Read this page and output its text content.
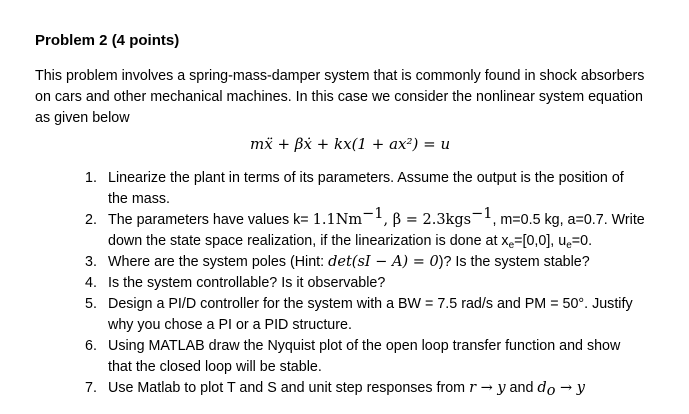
Problem 2 (4 points)
This problem involves a spring-mass-damper system that is commonly found in shock absorbers
on cars and other mechanical machines. In this case we consider the nonlinear system equation
as given below
mẍ + βẋ + kx(1 + ax²) = u
1. Linearize the plant in terms of its parameters. Assume the output is the position of
the mass.
2. The parameters have values $k= 1.1Nm^{-1}$, β = 2.3kgs$^{-1}$, m=0.5 kg, a=0.7. Write
down the state space realization, if the linearization is done at $x_e=[0,0]$, $u_e=0$.
3. Where are the system poles (Hint: det(sI − A) = 0)? Is the system stable?
4. Is the system controllable? Is it observable?
5. Design a PI/D controller for the system with a BW = 7.5 rad/s and PM = 50°. Justify
why you chose a PI or a PID structure.
6. Using MATLAB draw the Nyquist plot of the open loop transfer function and show
that the closed loop will be stable.
7. Use Matlab to plot T and S and unit step responses from r → y and $d_o \to y$
